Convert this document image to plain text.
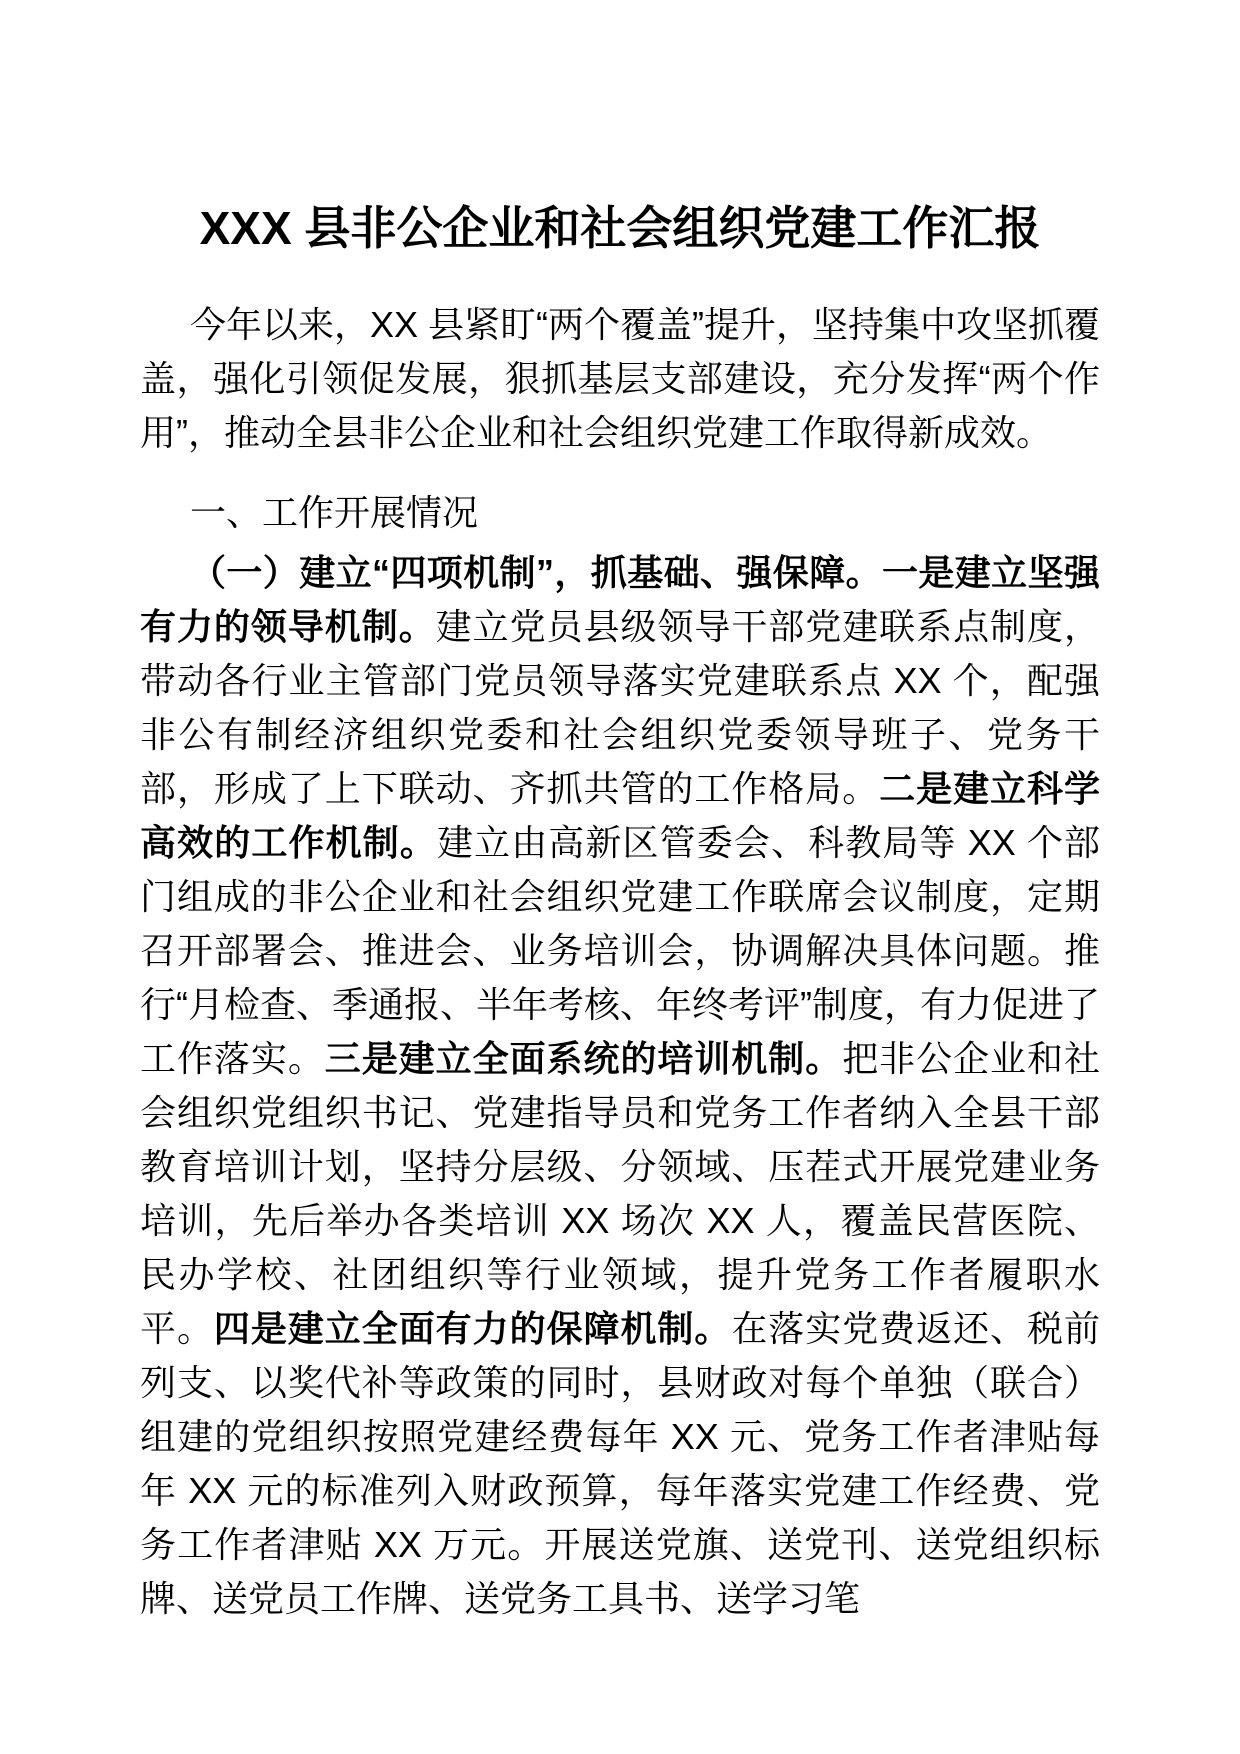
XXX 县非公企业和社会组织党建工作汇报

今年以来，XX 县紧盯“两个覆盖”提升，坚持集中攻坚抓覆盖，强化引领促发展，狠抓基层支部建设，充分发挥“两个作用”，推动全县非公企业和社会组织党建工作取得新成效。

一、工作开展情况

（一）建立“四项机制”，抓基础、强保障。一是建立坚强有力的领导机制。建立党员县级领导干部党建联系点制度，带动各行业主管部门党员领导落实党建联系点 XX 个，配强非公有制经济组织党委和社会组织党委领导班子、党务干部，形成了上下联动、齐抓共管的工作格局。二是建立科学高效的工作机制。建立由高新区管委会、科教局等 XX 个部门组成的非公企业和社会组织党建工作联席会议制度，定期召开部署会、推进会、业务培训会，协调解决具体问题。推行“月检查、季通报、半年考核、年终考评”制度，有力促进了工作落实。三是建立全面系统的培训机制。把非公企业和社会组织党组织书记、党建指导员和党务工作者纳入全县干部教育培训计划，坚持分层级、分领域、压茬式开展党建业务培训，先后举办各类培训 XX 场次 XX 人，覆盖民营医院、民办学校、社团组织等行业领域，提升党务工作者履职水平。四是建立全面有力的保障机制。在落实党费返还、税前列支、以奖代补等政策的同时，县财政对每个单独（联合）组建的党组织按照党建经费每年 XX 元、党务工作者津贴每年 XX 元的标准列入财政预算，每年落实党建工作经费、党务工作者津贴 XX 万元。开展送党旗、送党刊、送党组织标牌、送党员工作牌、送党务工具书、送学习笔
